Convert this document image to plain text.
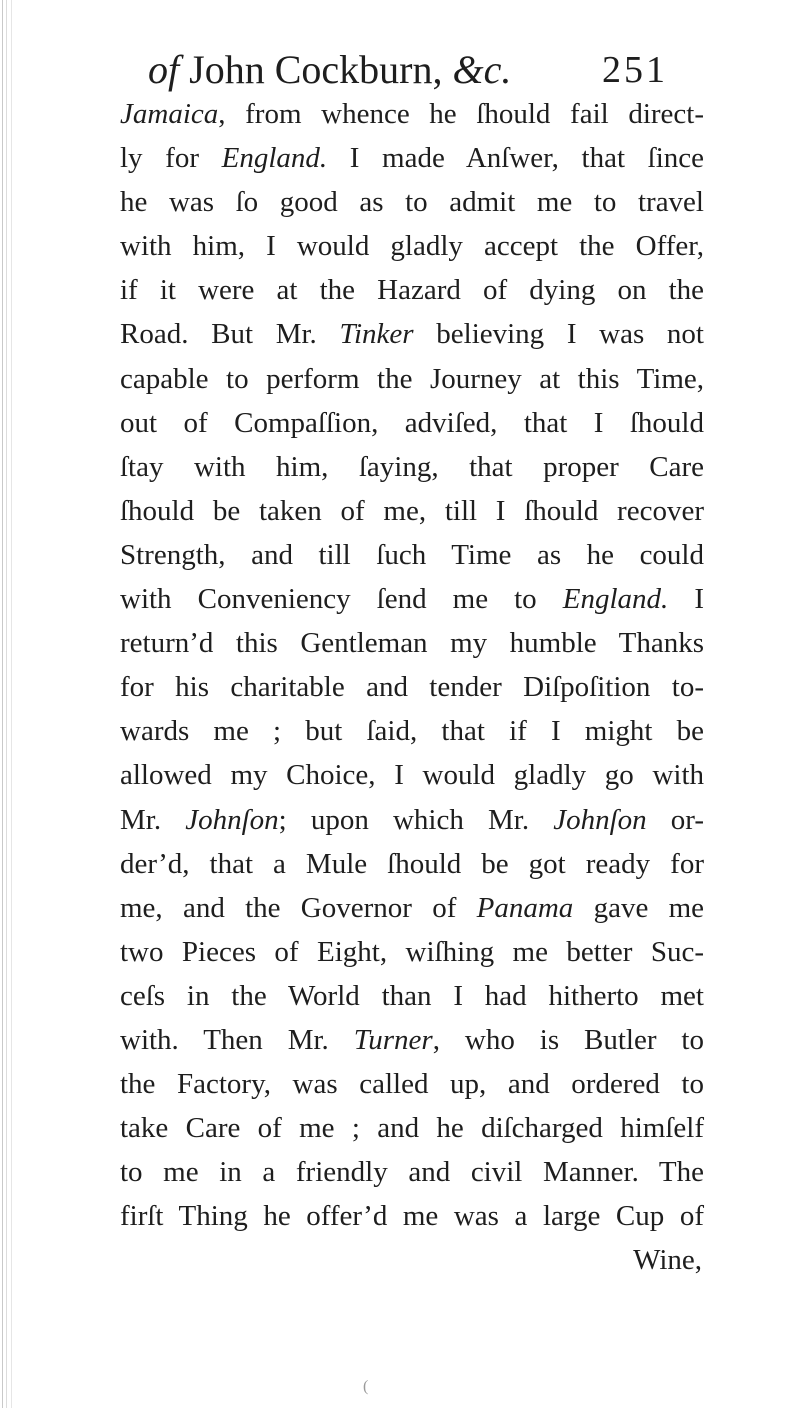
of John Cockburn, &c. 251
Jamaica, from whence he ſhould fail direct-
ly for England. I made Anſwer, that ſince
he was ſo good as to admit me to travel
with him, I would gladly accept the Offer,
if it were at the Hazard of dying on the
Road. But Mr. Tinker believing I was not
capable to perform the Journey at this Time,
out of Compaſſion, adviſed, that I ſhould
ſtay with him, ſaying, that proper Care
ſhould be taken of me, till I ſhould recover
Strength, and till ſuch Time as he could
with Conveniency ſend me to England. I
return’d this Gentleman my humble Thanks
for his charitable and tender Diſpoſition to-
wards me ; but ſaid, that if I might be
allowed my Choice, I would gladly go with
Mr. Johnſon; upon which Mr. Johnſon or-
der’d, that a Mule ſhould be got ready for
me, and the Governor of Panama gave me
two Pieces of Eight, wiſhing me better Suc-
ceſs in the World than I had hitherto met
with. Then Mr. Turner, who is Butler to
the Factory, was called up, and ordered to
take Care of me ; and he diſcharged himſelf
to me in a friendly and civil Manner. The
firſt Thing he offer’d me was a large Cup of
Wine,
(
